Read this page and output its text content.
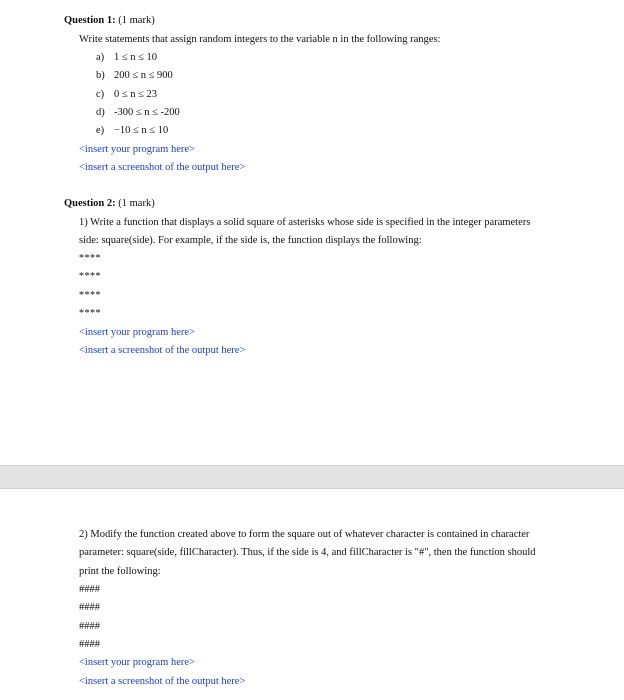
Question 1: (1 mark)
Write statements that assign random integers to the variable n in the following ranges:
a) 1 ≤ n ≤ 10
b) 200 ≤ n ≤ 900
c) 0 ≤ n ≤ 23
d) -300 ≤ n ≤ -200
e) −10 ≤ n ≤ 10
<insert your program here>
<insert a screenshot of the output here>
Question 2: (1 mark)
1) Write a function that displays a solid square of asterisks whose side is specified in the integer parameters
side: square(side). For example, if the side is, the function displays the following:
****
****
****
****
<insert your program here>
<insert a screenshot of the output here>
2) Modify the function created above to form the square out of whatever character is contained in character
parameter: square(side, fillCharacter). Thus, if the side is 4, and fillCharacter is "#", then the function should
print the following:
####
####
####
####
<insert your program here>
<insert a screenshot of the output here>
